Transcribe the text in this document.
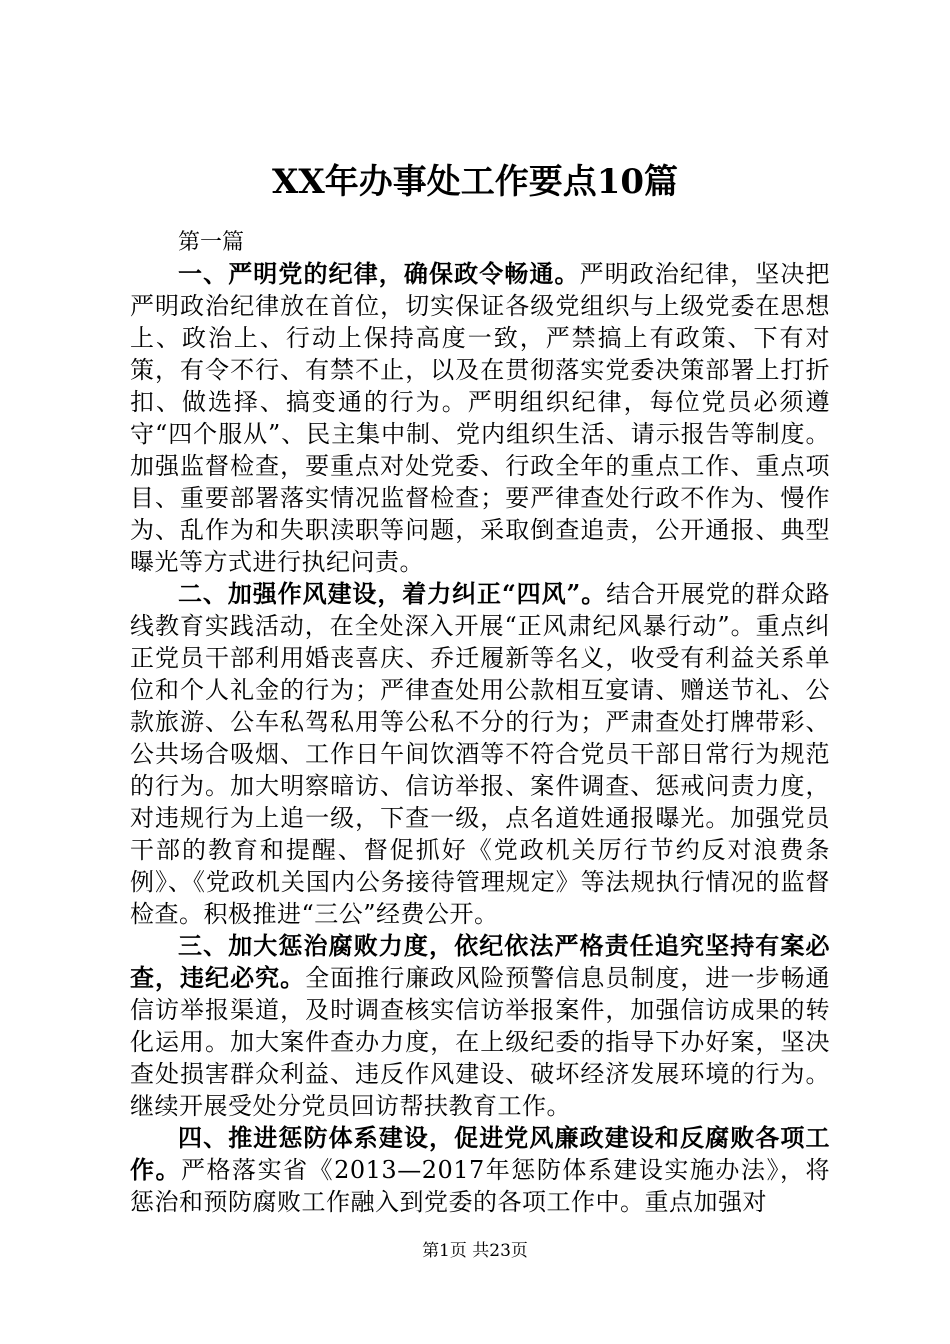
XX年办事处工作要点10篇

第一篇

一、严明党的纪律，确保政令畅通。严明政治纪律，坚决把严明政治纪律放在首位，切实保证各级党组织与上级党委在思想上、政治上、行动上保持高度一致，严禁搞上有政策、下有对策，有令不行、有禁不止，以及在贯彻落实党委决策部署上打折扣、做选择、搞变通的行为。严明组织纪律，每位党员必须遵守“四个服从”、民主集中制、党内组织生活、请示报告等制度。加强监督检查，要重点对处党委、行政全年的重点工作、重点项目、重要部署落实情况监督检查；要严律查处行政不作为、慢作为、乱作为和失职渎职等问题，采取倒查追责，公开通报、典型曝光等方式进行执纪问责。

二、加强作风建设，着力纠正“四风”。结合开展党的群众路线教育实践活动，在全处深入开展“正风肃纪风暴行动”。重点纠正党员干部利用婚丧喜庆、乔迁履新等名义，收受有利益关系单位和个人礼金的行为；严律查处用公款相互宴请、赠送节礼、公款旅游、公车私驾私用等公私不分的行为；严肃查处打牌带彩、公共场合吸烟、工作日午间饮酒等不符合党员干部日常行为规范的行为。加大明察暗访、信访举报、案件调查、惩戒问责力度，对违规行为上追一级，下查一级，点名道姓通报曝光。加强党员干部的教育和提醒、督促抓好《党政机关厉行节约反对浪费条例》、《党政机关国内公务接待管理规定》等法规执行情况的监督检查。积极推进“三公”经费公开。

三、加大惩治腐败力度，依纪依法严格责任追究坚持有案必查，违纪必究。全面推行廉政风险预警信息员制度，进一步畅通信访举报渠道，及时调查核实信访举报案件，加强信访成果的转化运用。加大案件查办力度，在上级纪委的指导下办好案，坚决查处损害群众利益、违反作风建设、破坏经济发展环境的行为。继续开展受处分党员回访帮扶教育工作。

四、推进惩防体系建设，促进党风廉政建设和反腐败各项工作。严格落实省《2013—2017年惩防体系建设实施办法》，将惩治和预防腐败工作融入到党委的各项工作中。重点加强对

第1页 共23页
